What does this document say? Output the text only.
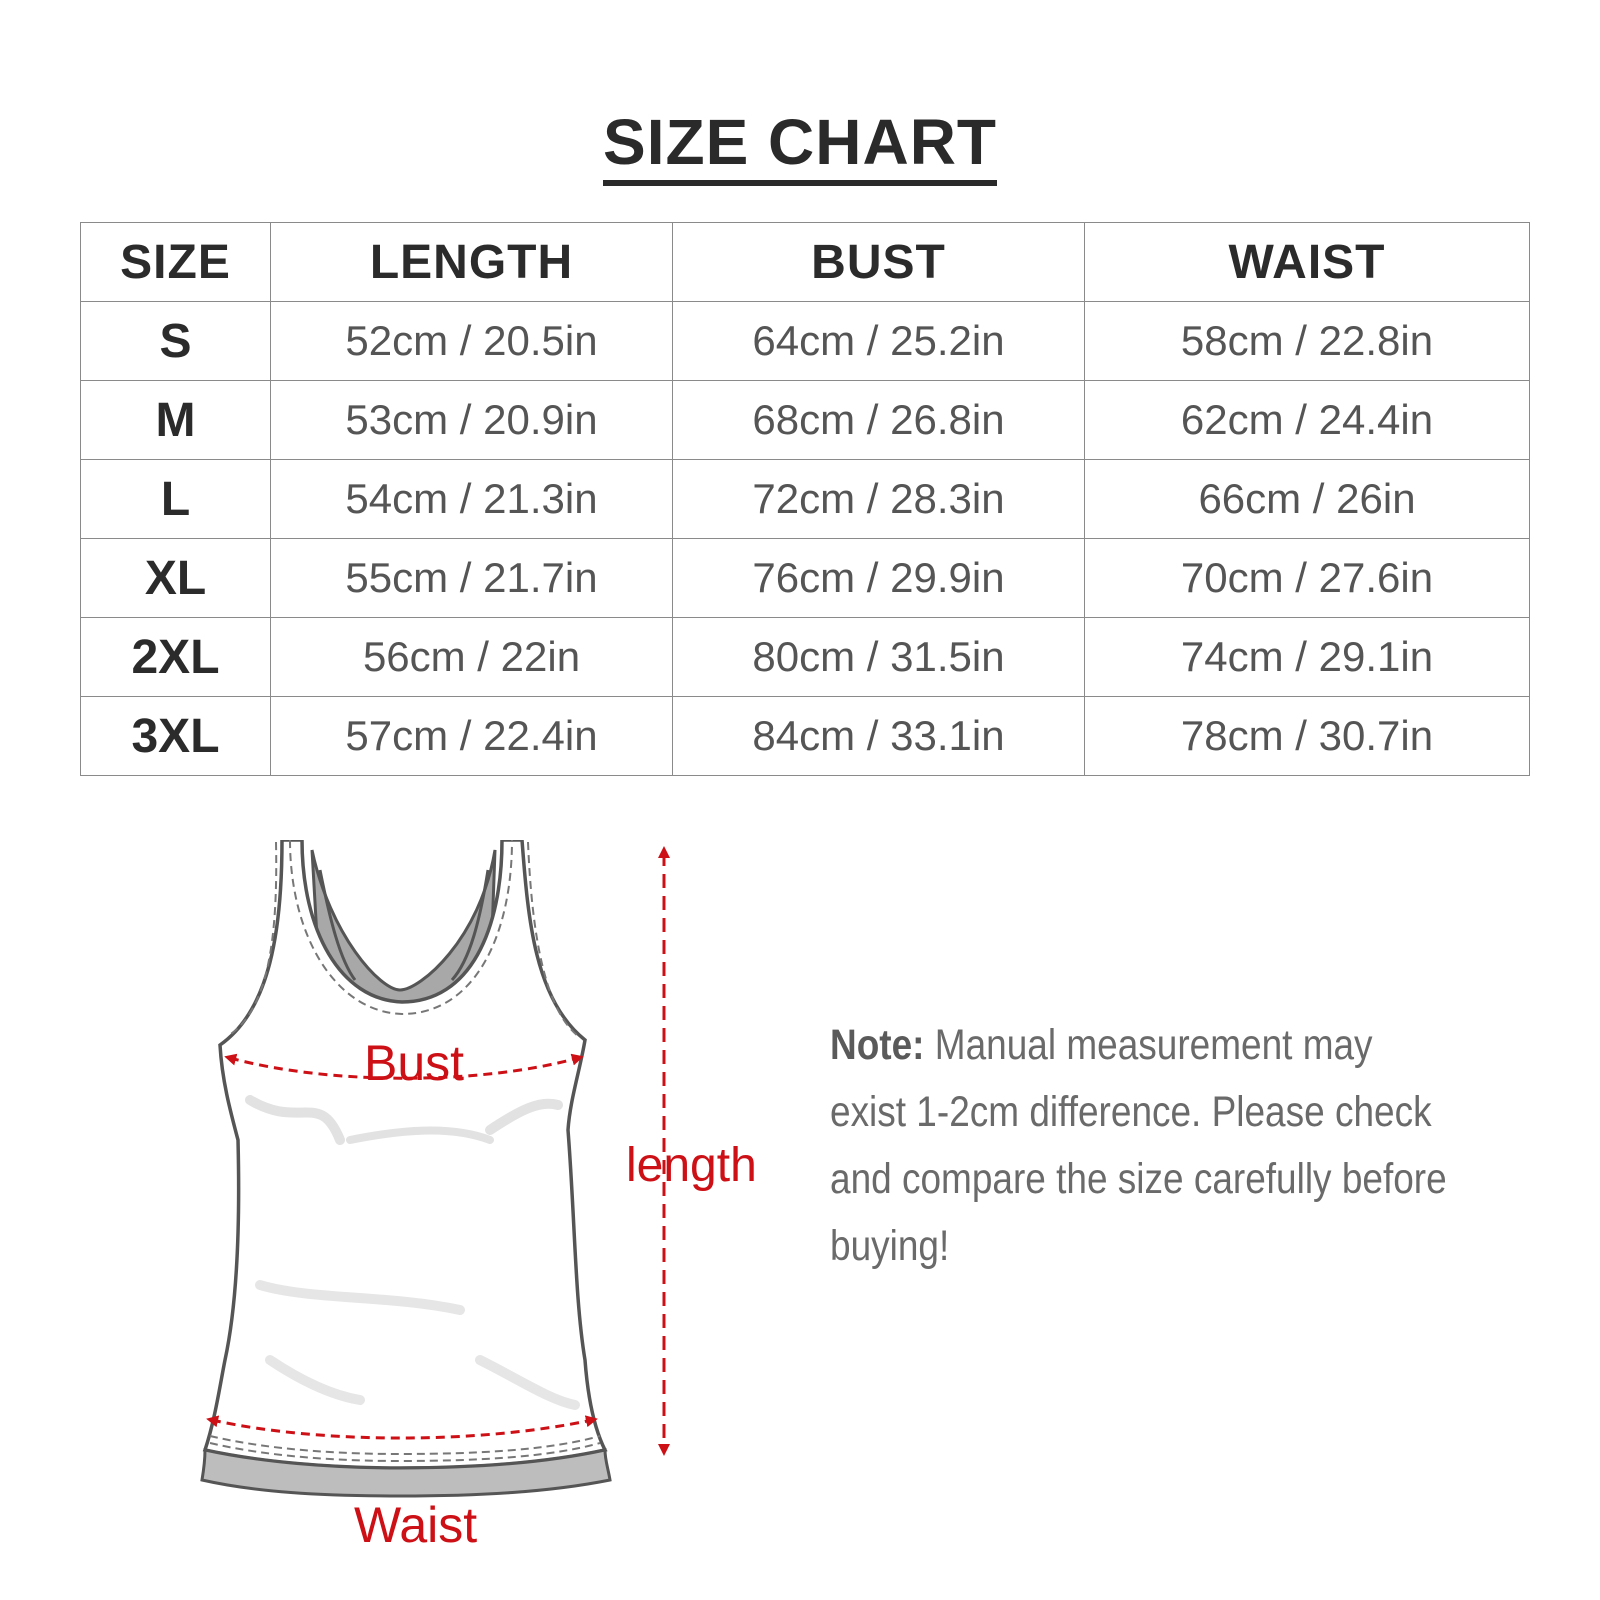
SIZE CHART
SIZE	LENGTH	BUST	WAIST
S	52cm / 20.5in	64cm / 25.2in	58cm / 22.8in
M	53cm / 20.9in	68cm / 26.8in	62cm / 24.4in
L	54cm / 21.3in	72cm / 28.3in	66cm / 26in
XL	55cm / 21.7in	76cm / 29.9in	70cm / 27.6in
2XL	56cm / 22in	80cm / 31.5in	74cm / 29.1in
3XL	57cm / 22.4in	84cm / 33.1in	78cm / 30.7in
Bust
length
Waist
Note: Manual measurement may exist 1-2cm difference. Please check and compare the size carefully before buying!
